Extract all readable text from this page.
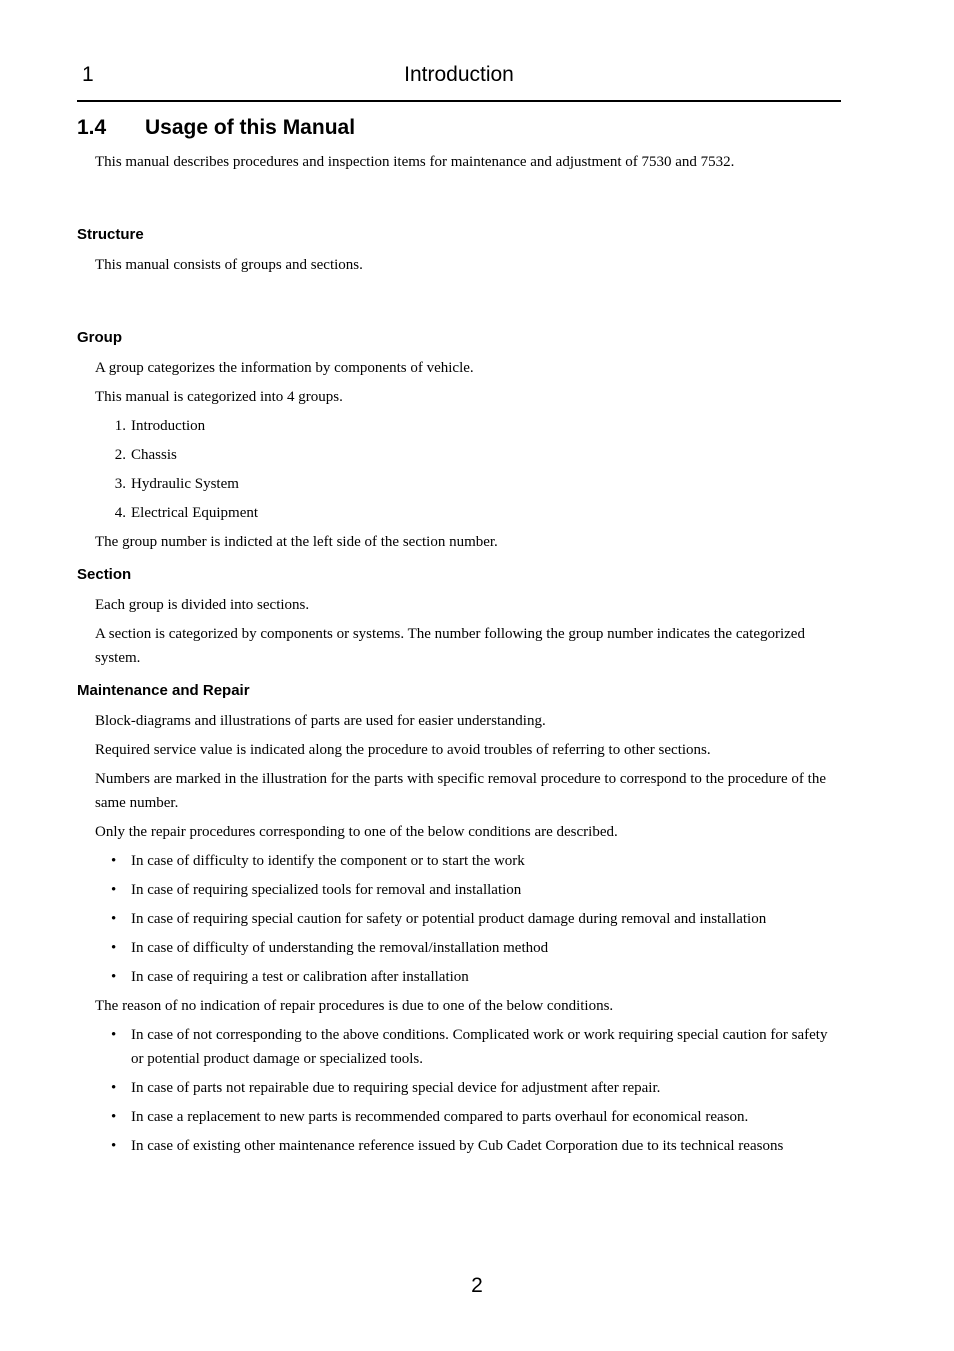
1	Introduction
1.4 Usage of this Manual

This manual describes procedures and inspection items for maintenance and adjustment of 7530 and 7532.

Structure

This manual consists of groups and sections.

Group

A group categorizes the information by components of vehicle.

This manual is categorized into 4 groups.

1. Introduction
2. Chassis
3. Hydraulic System
4. Electrical Equipment

The group number is indicted at the left side of the section number.

Section

Each group is divided into sections.

A section is categorized by components or systems. The number following the group number indicates the categorized system.

Maintenance and Repair

Block-diagrams and illustrations of parts are used for easier understanding.

Required service value is indicated along the procedure to avoid troubles of referring to other sections.

Numbers are marked in the illustration for the parts with specific removal procedure to correspond to the procedure of the same number.

Only the repair procedures corresponding to one of the below conditions are described.

• In case of difficulty to identify the component or to start the work
• In case of requiring specialized tools for removal and installation
• In case of requiring special caution for safety or potential product damage during removal and installation
• In case of difficulty of understanding the removal/installation method
• In case of requiring a test or calibration after installation

The reason of no indication of repair procedures is due to one of the below conditions.

• In case of not corresponding to the above conditions. Complicated work or work requiring special caution for safety or potential product damage or specialized tools.
• In case of parts not repairable due to requiring special device for adjustment after repair.
• In case a replacement to new parts is recommended compared to parts overhaul for economical reason.
• In case of existing other maintenance reference issued by Cub Cadet Corporation due to its technical reasons
2
